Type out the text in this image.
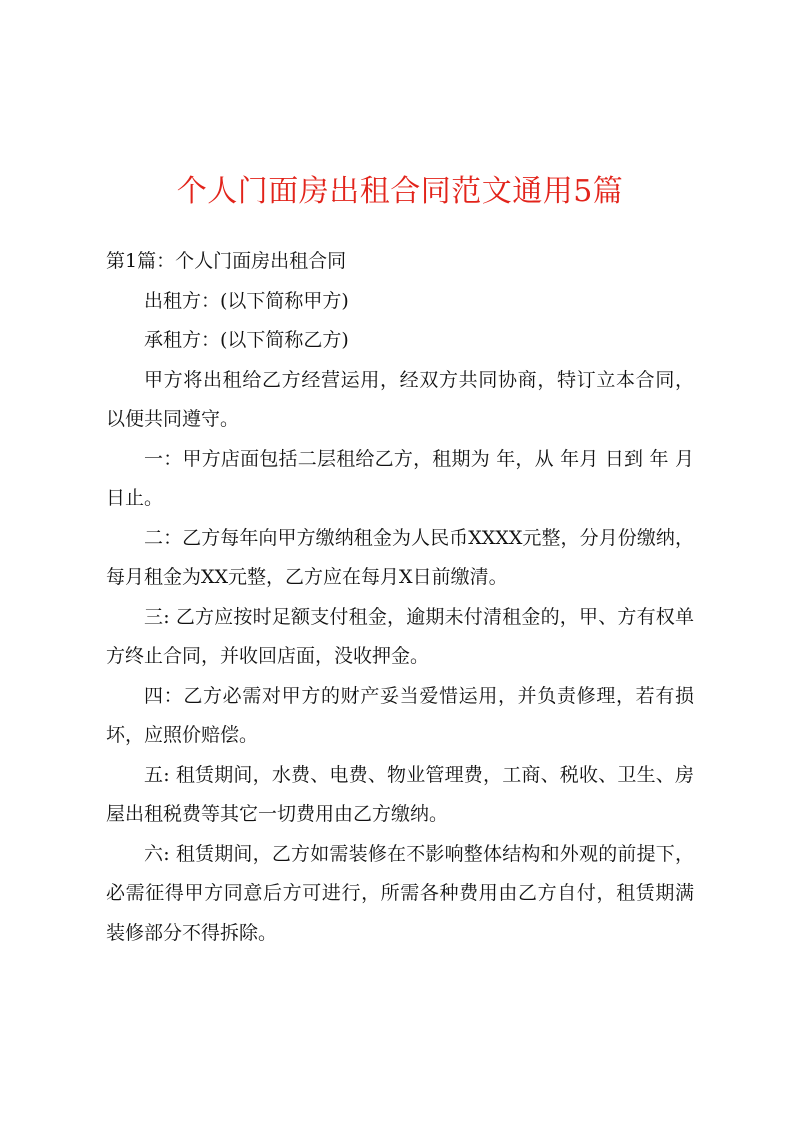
个人门面房出租合同范文通用5篇

第1篇：个人门面房出租合同

出租方：(以下简称甲方)

承租方：(以下简称乙方)

甲方将出租给乙方经营运用，经双方共同协商，特订立本合同，以便共同遵守。

一：甲方店面包括二层租给乙方，租期为 年，从 年月 日到 年 月日止。

二：乙方每年向甲方缴纳租金为人民币XXXX元整，分月份缴纳，每月租金为XX元整，乙方应在每月X日前缴清。

三: 乙方应按时足额支付租金，逾期未付清租金的，甲、方有权单方终止合同，并收回店面，没收押金。

四：乙方必需对甲方的财产妥当爱惜运用，并负责修理，若有损坏，应照价赔偿。

五: 租赁期间，水费、电费、物业管理费，工商、税收、卫生、房屋出租税费等其它一切费用由乙方缴纳。

六: 租赁期间，乙方如需装修在不影响整体结构和外观的前提下，必需征得甲方同意后方可进行，所需各种费用由乙方自付，租赁期满装修部分不得拆除。
